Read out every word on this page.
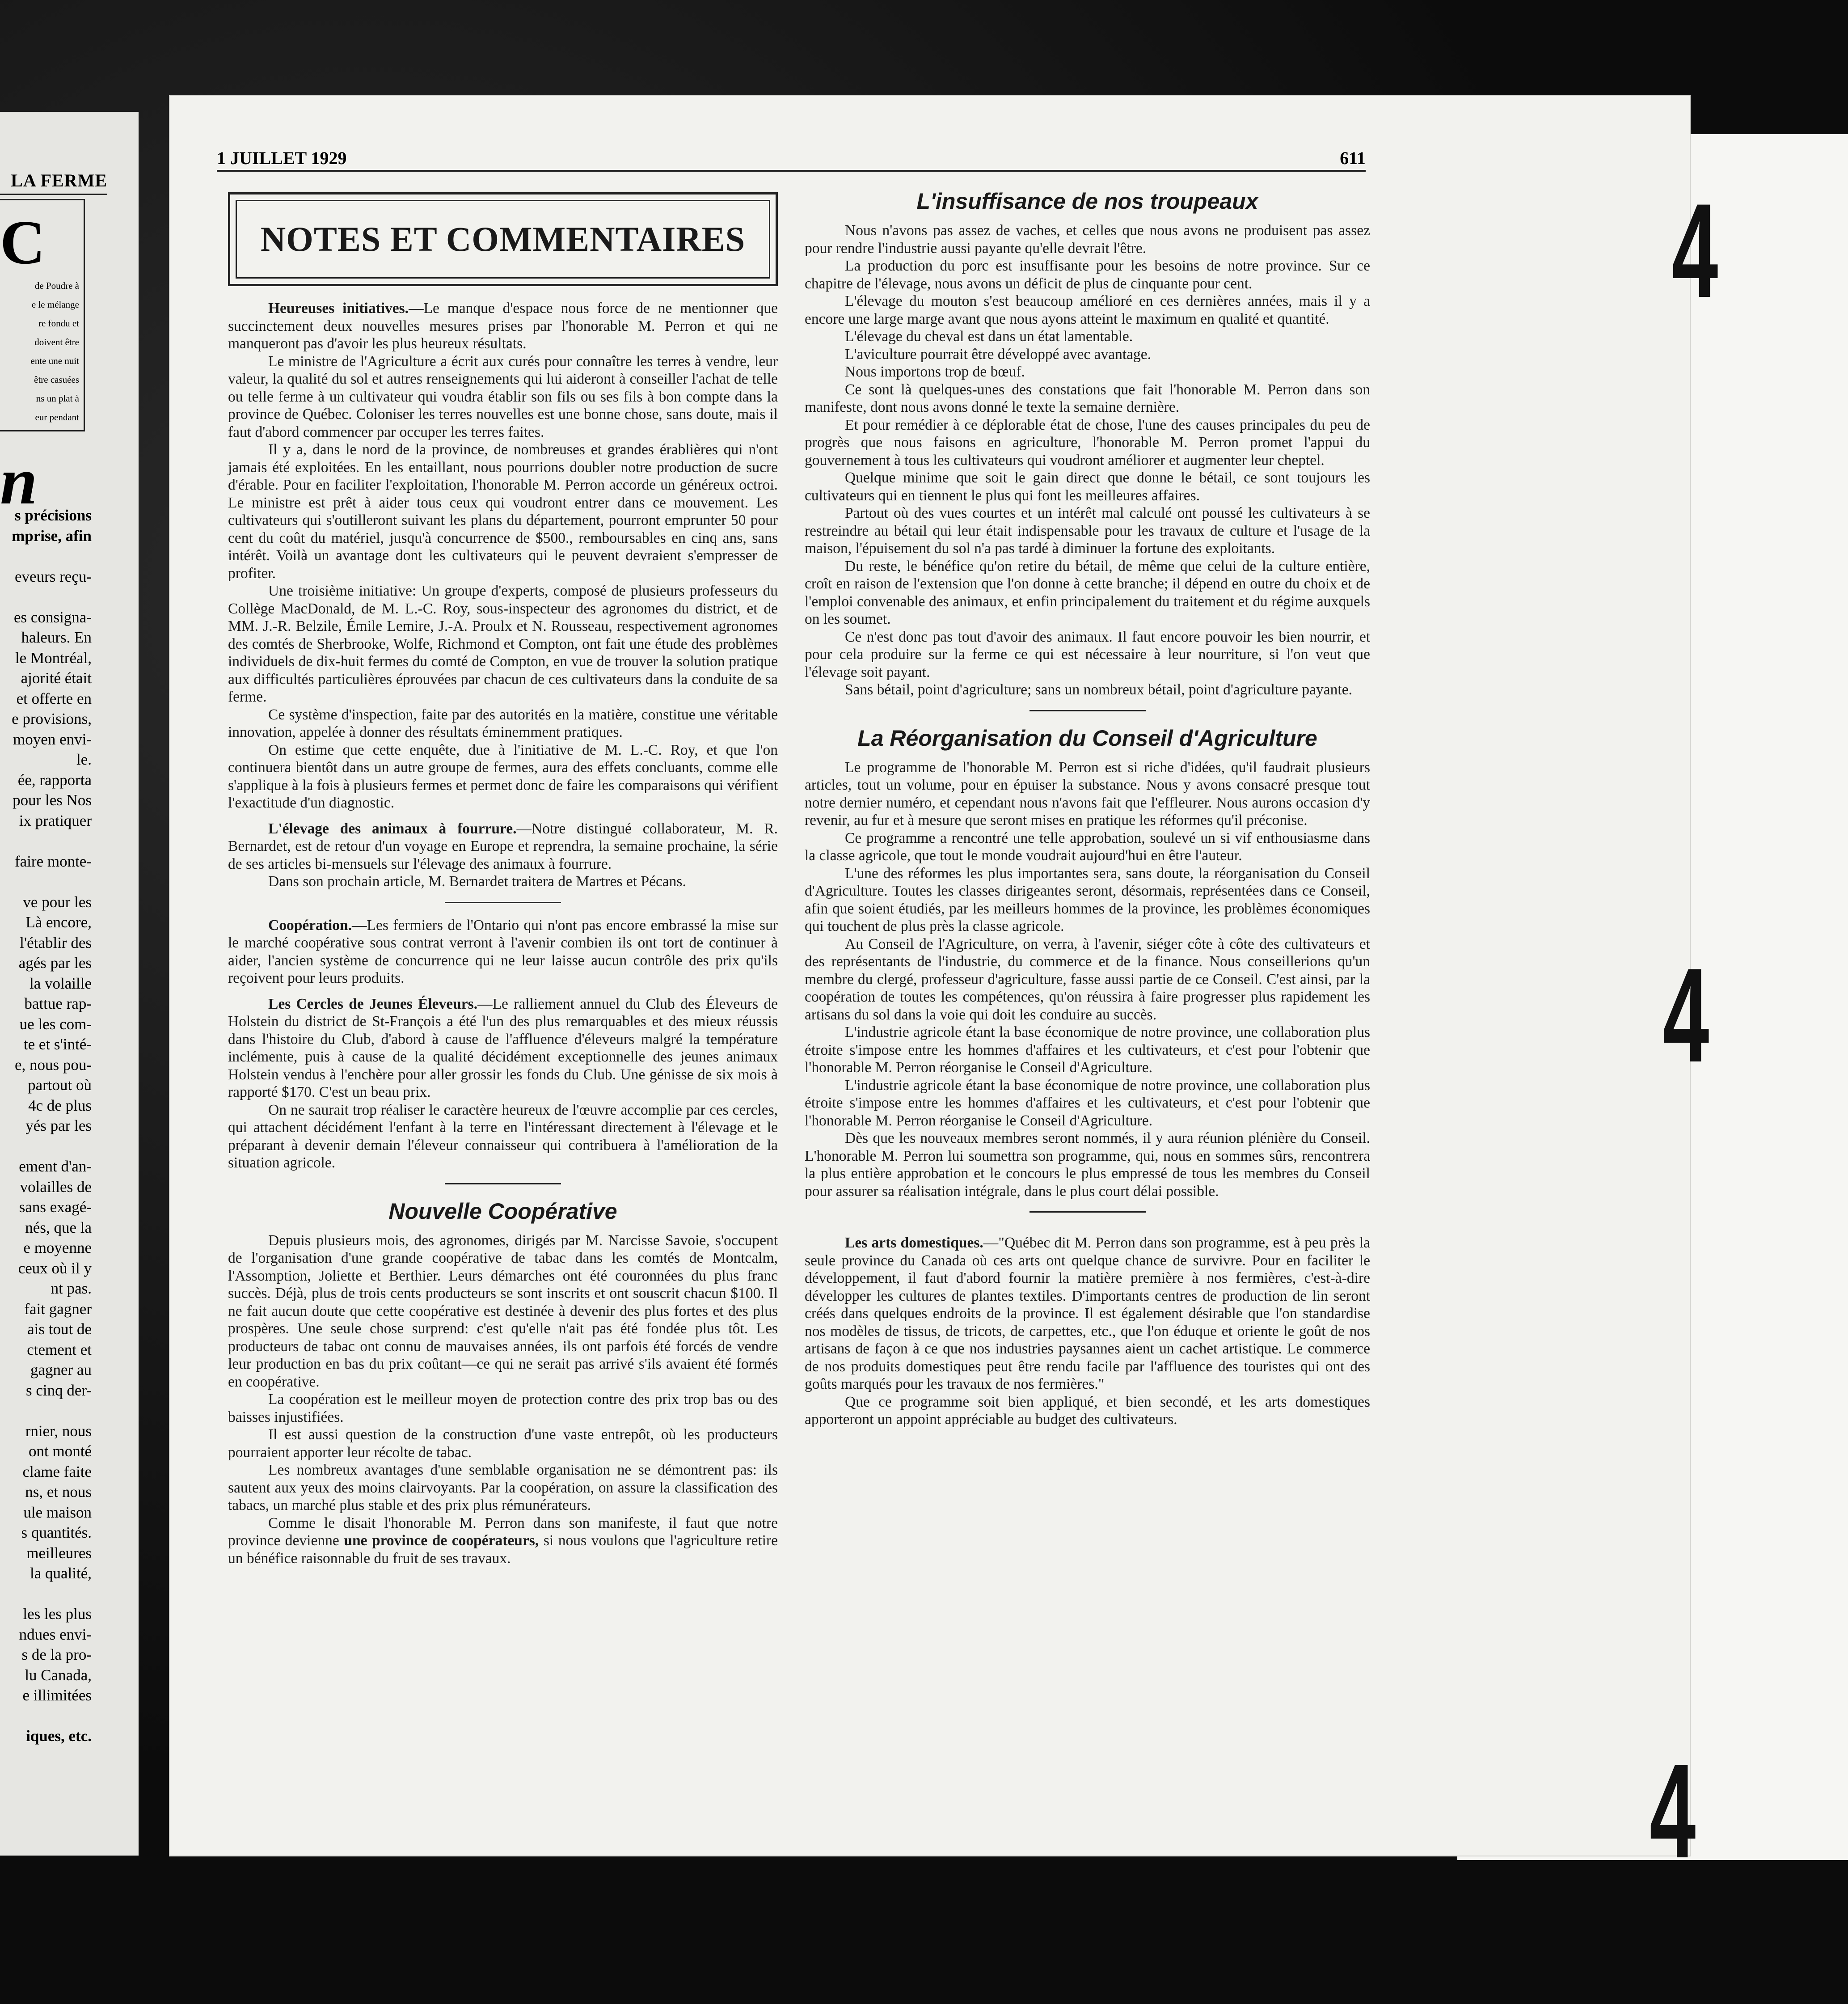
LA FERME
C
de Poudre à
e le mélange
re fondu et
doivent être
ente une nuit
être casuées
ns un plat à
eur pendant
n
s précisions
mprise, afin

eveurs reçu-

es consigna-
haleurs. En
le Montréal,
ajorité était
et offerte en
e provisions,
moyen envi-
le.
ée, rapporta
pour les Nos
ix pratiquer

faire monte-

ve pour les
Là encore,
l'établir des
agés par les
la volaille
battue rap-
ue les com-
te et s'inté-
e, nous pou-
partout où
4c de plus
yés par les

ement d'an-
volailles de
sans exagé-
nés, que la
e moyenne
ceux où il y
nt pas.
fait gagner
ais tout de
ctement et
gagner au
s cinq der-

rnier, nous
ont monté
clame faite
ns, et nous
ule maison
s quantités.
meilleures
la qualité,

les les plus
ndues envi-
s de la pro-
lu Canada,
e illimitées

iques, etc.
1 JUILLET 1929	611
NOTES ET COMMENTAIRES

Heureuses initiatives.—Le manque d'espace nous force de ne mentionner que succinctement deux nouvelles mesures prises par l'honorable M. Perron et qui ne manqueront pas d'avoir les plus heureux résultats.

Le ministre de l'Agriculture a écrit aux curés pour connaître les terres à vendre, leur valeur, la qualité du sol et autres renseignements qui lui aideront à conseiller l'achat de telle ou telle ferme à un cultivateur qui voudra établir son fils ou ses fils à bon compte dans la province de Québec. Coloniser les terres nouvelles est une bonne chose, sans doute, mais il faut d'abord commencer par occuper les terres faites.

Il y a, dans le nord de la province, de nombreuses et grandes érablières qui n'ont jamais été exploitées. En les entaillant, nous pourrions doubler notre production de sucre d'érable. Pour en faciliter l'exploitation, l'honorable M. Perron accorde un généreux octroi. Le ministre est prêt à aider tous ceux qui voudront entrer dans ce mouvement. Les cultivateurs qui s'outilleront suivant les plans du département, pourront emprunter 50 pour cent du coût du matériel, jusqu'à concurrence de $500., remboursables en cinq ans, sans intérêt. Voilà un avantage dont les cultivateurs qui le peuvent devraient s'empresser de profiter.

Une troisième initiative: Un groupe d'experts, composé de plusieurs professeurs du Collège MacDonald, de M. L.-C. Roy, sous-inspecteur des agronomes du district, et de MM. J.-R. Belzile, Émile Lemire, J.-A. Proulx et N. Rousseau, respectivement agronomes des comtés de Sherbrooke, Wolfe, Richmond et Compton, ont fait une étude des problèmes individuels de dix-huit fermes du comté de Compton, en vue de trouver la solution pratique aux difficultés particulières éprouvées par chacun de ces cultivateurs dans la conduite de sa ferme.

Ce système d'inspection, faite par des autorités en la matière, constitue une véritable innovation, appelée à donner des résultats éminemment pratiques.

On estime que cette enquête, due à l'initiative de M. L.-C. Roy, et que l'on continuera bientôt dans un autre groupe de fermes, aura des effets concluants, comme elle s'applique à la fois à plusieurs fermes et permet donc de faire les comparaisons qui vérifient l'exactitude d'un diagnostic.

L'élevage des animaux à fourrure.—Notre distingué collaborateur, M. R. Bernardet, est de retour d'un voyage en Europe et reprendra, la semaine prochaine, la série de ses articles bi-mensuels sur l'élevage des animaux à fourrure.

Dans son prochain article, M. Bernardet traitera de Martres et Pécans.

Coopération.—Les fermiers de l'Ontario qui n'ont pas encore embrassé la mise sur le marché coopérative sous contrat verront à l'avenir combien ils ont tort de continuer à aider, l'ancien système de concurrence qui ne leur laisse aucun contrôle des prix qu'ils reçoivent pour leurs produits.

Les Cercles de Jeunes Éleveurs.—Le ralliement annuel du Club des Éleveurs de Holstein du district de St-François a été l'un des plus remarquables et des mieux réussis dans l'histoire du Club, d'abord à cause de l'affluence d'éleveurs malgré la température inclémente, puis à cause de la qualité décidément exceptionnelle des jeunes animaux Holstein vendus à l'enchère pour aller grossir les fonds du Club. Une génisse de six mois à rapporté $170. C'est un beau prix.

On ne saurait trop réaliser le caractère heureux de l'œuvre accomplie par ces cercles, qui attachent décidément l'enfant à la terre en l'intéressant directement à l'élevage et le préparant à devenir demain l'éleveur connaisseur qui contribuera à l'amélioration de la situation agricole.

Nouvelle Coopérative

Depuis plusieurs mois, des agronomes, dirigés par M. Narcisse Savoie, s'occupent de l'organisation d'une grande coopérative de tabac dans les comtés de Montcalm, l'Assomption, Joliette et Berthier. Leurs démarches ont été couronnées du plus franc succès. Déjà, plus de trois cents producteurs se sont inscrits et ont souscrit chacun $100. Il ne fait aucun doute que cette coopérative est destinée à devenir des plus fortes et des plus prospères. Une seule chose surprend: c'est qu'elle n'ait pas été fondée plus tôt. Les producteurs de tabac ont connu de mauvaises années, ils ont parfois été forcés de vendre leur production en bas du prix coûtant—ce qui ne serait pas arrivé s'ils avaient été formés en coopérative.

La coopération est le meilleur moyen de protection contre des prix trop bas ou des baisses injustifiées.

Il est aussi question de la construction d'une vaste entrepôt, où les producteurs pourraient apporter leur récolte de tabac.

Les nombreux avantages d'une semblable organisation ne se démontrent pas: ils sautent aux yeux des moins clairvoyants. Par la coopération, on assure la classification des tabacs, un marché plus stable et des prix plus rémunérateurs.

Comme le disait l'honorable M. Perron dans son manifeste, il faut que notre province devienne une province de coopérateurs, si nous voulons que l'agriculture retire un bénéfice raisonnable du fruit de ses travaux.

L'insuffisance de nos troupeaux

Nous n'avons pas assez de vaches, et celles que nous avons ne produisent pas assez pour rendre l'industrie aussi payante qu'elle devrait l'être.

La production du porc est insuffisante pour les besoins de notre province. Sur ce chapitre de l'élevage, nous avons un déficit de plus de cinquante pour cent.

L'élevage du mouton s'est beaucoup amélioré en ces dernières années, mais il y a encore une large marge avant que nous ayons atteint le maximum en qualité et quantité.

L'élevage du cheval est dans un état lamentable.

L'aviculture pourrait être développé avec avantage.

Nous importons trop de bœuf.

Ce sont là quelques-unes des constations que fait l'honorable M. Perron dans son manifeste, dont nous avons donné le texte la semaine dernière.

Et pour remédier à ce déplorable état de chose, l'une des causes principales du peu de progrès que nous faisons en agriculture, l'honorable M. Perron promet l'appui du gouvernement à tous les cultivateurs qui voudront améliorer et augmenter leur cheptel.

Quelque minime que soit le gain direct que donne le bétail, ce sont toujours les cultivateurs qui en tiennent le plus qui font les meilleures affaires.

Partout où des vues courtes et un intérêt mal calculé ont poussé les cultivateurs à se restreindre au bétail qui leur était indispensable pour les travaux de culture et l'usage de la maison, l'épuisement du sol n'a pas tardé à diminuer la fortune des exploitants.

Du reste, le bénéfice qu'on retire du bétail, de même que celui de la culture entière, croît en raison de l'extension que l'on donne à cette branche; il dépend en outre du choix et de l'emploi convenable des animaux, et enfin principalement du traitement et du régime auxquels on les soumet.

Ce n'est donc pas tout d'avoir des animaux. Il faut encore pouvoir les bien nourrir, et pour cela produire sur la ferme ce qui est nécessaire à leur nourriture, si l'on veut que l'élevage soit payant.

Sans bétail, point d'agriculture; sans un nombreux bétail, point d'agriculture payante.

La Réorganisation du Conseil d'Agriculture

Le programme de l'honorable M. Perron est si riche d'idées, qu'il faudrait plusieurs articles, tout un volume, pour en épuiser la substance. Nous y avons consacré presque tout notre dernier numéro, et cependant nous n'avons fait que l'effleurer. Nous aurons occasion d'y revenir, au fur et à mesure que seront mises en pratique les réformes qu'il préconise.

Ce programme a rencontré une telle approbation, soulevé un si vif enthousiasme dans la classe agricole, que tout le monde voudrait aujourd'hui en être l'auteur.

L'une des réformes les plus importantes sera, sans doute, la réorganisation du Conseil d'Agriculture. Toutes les classes dirigeantes seront, désormais, représentées dans ce Conseil, afin que soient étudiés, par les meilleurs hommes de la province, les problèmes économiques qui touchent de plus près la classe agricole.

Au Conseil de l'Agriculture, on verra, à l'avenir, siéger côte à côte des cultivateurs et des représentants de l'industrie, du commerce et de la finance. Nous conseillerions qu'un membre du clergé, professeur d'agriculture, fasse aussi partie de ce Conseil. C'est ainsi, par la coopération de toutes les compétences, qu'on réussira à faire progresser plus rapidement les artisans du sol dans la voie qui doit les conduire au succès.

L'industrie agricole étant la base économique de notre province, une collaboration plus étroite s'impose entre les hommes d'affaires et les cultivateurs, et c'est pour l'obtenir que l'honorable M. Perron réorganise le Conseil d'Agriculture.

L'industrie agricole étant la base économique de notre province, une collaboration plus étroite s'impose entre les hommes d'affaires et les cultivateurs, et c'est pour l'obtenir que l'honorable M. Perron réorganise le Conseil d'Agriculture.

Dès que les nouveaux membres seront nommés, il y aura réunion plénière du Conseil. L'honorable M. Perron lui soumettra son programme, qui, nous en sommes sûrs, rencontrera la plus entière approbation et le concours le plus empressé de tous les membres du Conseil pour assurer sa réalisation intégrale, dans le plus court délai possible.

Les arts domestiques.—"Québec dit M. Perron dans son programme, est à peu près la seule province du Canada où ces arts ont quelque chance de survivre. Pour en faciliter le développement, il faut d'abord fournir la matière première à nos fermières, c'est-à-dire développer les cultures de plantes textiles. D'importants centres de production de lin seront créés dans quelques endroits de la province. Il est également désirable que l'on standardise nos modèles de tissus, de tricots, de carpettes, etc., que l'on éduque et oriente le goût de nos artisans de façon à ce que nos industries paysannes aient un cachet artistique. Le commerce de nos produits domestiques peut être rendu facile par l'affluence des touristes qui ont des goûts marqués pour les travaux de nos fermières."

Que ce programme soit bien appliqué, et bien secondé, et les arts domestiques apporteront un appoint appréciable au budget des cultivateurs.

4
4
4
